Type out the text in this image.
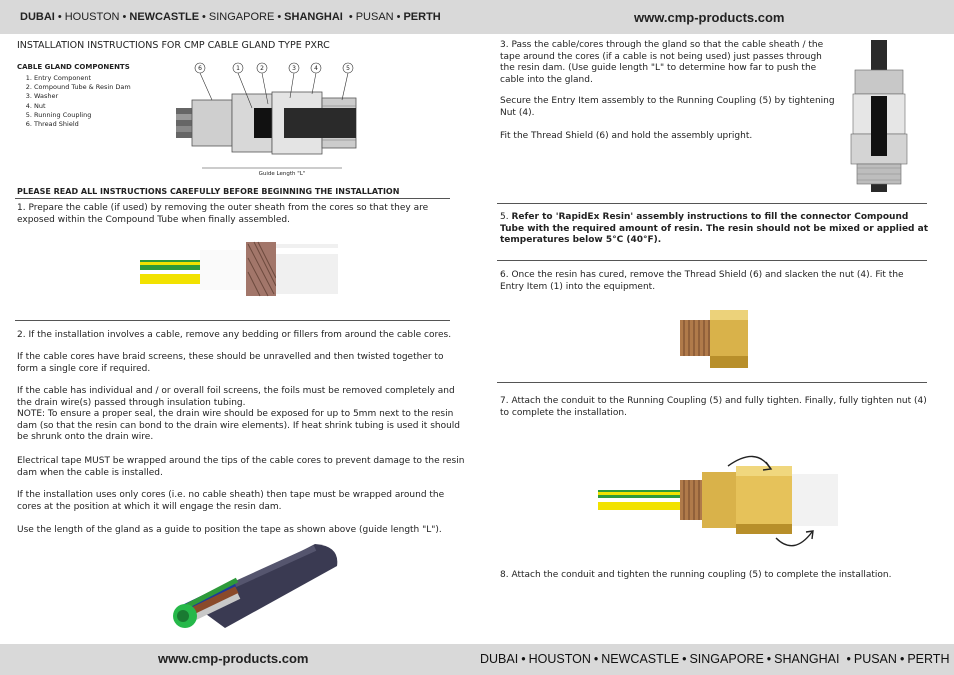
DUBAI • HOUSTON • NEWCASTLE • SINGAPORE • SHANGHAI • PUSAN • PERTH	www.cmp-products.com
INSTALLATION INSTRUCTIONS FOR CMP CABLE GLAND TYPE PXRC
CABLE GLAND COMPONENTS
1. Entry Component
2. Compound Tube & Resin Dam
3. Washer
4. Nut
5. Running Coupling
6. Thread Shield
6	1	2	3	4	5
Guide Length "L"
PLEASE READ ALL INSTRUCTIONS CAREFULLY BEFORE BEGINNING THE INSTALLATION
1. Prepare the cable (if used) by removing the outer sheath from the cores so that they are exposed within the Compound Tube when finally assembled.
2. If the installation involves a cable, remove any bedding or fillers from around the cable cores.
If the cable cores have braid screens, these should be unravelled and then twisted together to form a single core if required.
If the cable has individual and / or overall foil screens, the foils must be removed completely and the drain wire(s) passed through insulation tubing.
NOTE: To ensure a proper seal, the drain wire should be exposed for up to 5mm next to the resin dam (so that the resin can bond to the drain wire elements). If heat shrink tubing is used it should be shrunk onto the drain wire.
Electrical tape MUST be wrapped around the tips of the cable cores to prevent damage to the resin dam when the cable is installed.
If the installation uses only cores (i.e. no cable sheath) then tape must be wrapped around the cores at the position at which it will engage the resin dam.
Use the length of the gland as a guide to position the tape as shown above (guide length "L").
3. Pass the cable/cores through the gland so that the cable sheath / the tape around the cores (if a cable is not being used) just passes through the resin dam. (Use guide length "L" to determine how far to push the cable into the gland.
Secure the Entry Item assembly to the Running Coupling (5) by tightening Nut (4).
Fit the Thread Shield (6) and hold the assembly upright.
5. Refer to 'RapidEx Resin' assembly instructions to fill the connector Compound Tube with the required amount of resin. The resin should not be mixed or applied at temperatures below 5°C (40°F).
6. Once the resin has cured, remove the Thread Shield (6) and slacken the nut (4). Fit the Entry Item (1) into the equipment.
7. Attach the conduit to the Running Coupling (5) and fully tighten. Finally, fully tighten nut (4) to complete the installation.
8. Attach the conduit and tighten the running coupling (5) to complete the installation.
www.cmp-products.com	DUBAI • HOUSTON • NEWCASTLE • SINGAPORE • SHANGHAI • PUSAN • PERTH
